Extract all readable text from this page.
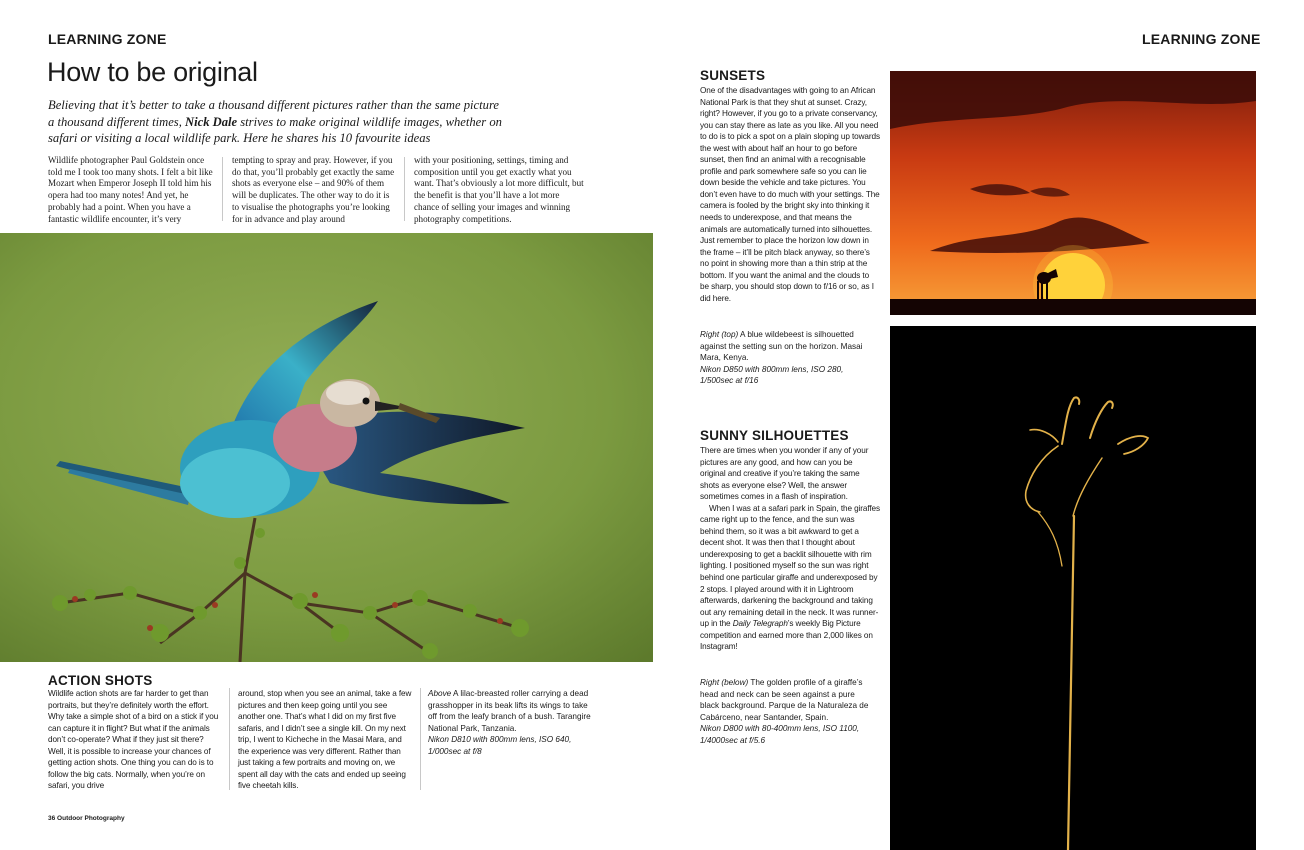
LEARNING ZONE	LEARNING ZONE
How to be original
Believing that it’s better to take a thousand different pictures rather than the same picture a thousand different times, Nick Dale strives to make original wildlife images, whether on safari or visiting a local wildlife park. Here he shares his 10 favourite ideas
Wildlife photographer Paul Goldstein once told me I took too many shots. I felt a bit like Mozart when Emperor Joseph II told him his opera had too many notes! And yet, he probably had a point. When you have a fantastic wildlife encounter, it’s very
tempting to spray and pray. However, if you do that, you’ll probably get exactly the same shots as everyone else – and 90% of them will be duplicates. The other way to do it is to visualise the photographs you’re looking for in advance and play around
with your positioning, settings, timing and composition until you get exactly what you want. That’s obviously a lot more difficult, but the benefit is that you’ll have a lot more chance of selling your images and winning photography competitions.
ACTION SHOTS
Wildlife action shots are far harder to get than portraits, but they’re definitely worth the effort. Why take a simple shot of a bird on a stick if you can capture it in flight? But what if the animals don’t co-operate? What if they just sit there? Well, it is possible to increase your chances of getting action shots. One thing you can do is to follow the big cats. Normally, when you’re on safari, you drive
around, stop when you see an animal, take a few pictures and then keep going until you see another one. That’s what I did on my first five safaris, and I didn’t see a single kill. On my next trip, I went to Kicheche in the Masai Mara, and the experience was very different. Rather than just taking a few portraits and moving on, we spent all day with the cats and ended up seeing five cheetah kills.
Above A lilac-breasted roller carrying a dead grasshopper in its beak lifts its wings to take off from the leafy branch of a bush. Tarangire National Park, Tanzania.
Nikon D810 with 800mm lens, ISO 640, 1/000sec at f/8
36 Outdoor Photography
SUNSETS
One of the disadvantages with going to an African National Park is that they shut at sunset. Crazy, right? However, if you go to a private conservancy, you can stay there as late as you like. All you need to do is to pick a spot on a plain sloping up towards the west with about half an hour to go before sunset, then find an animal with a recognisable profile and park somewhere safe so you can lie down beside the vehicle and take pictures. You don’t even have to do much with your settings. The camera is fooled by the bright sky into thinking it needs to underexpose, and that means the animals are automatically turned into silhouettes. Just remember to place the horizon low down in the frame – it’ll be pitch black anyway, so there’s no point in showing more than a thin strip at the bottom. If you want the animal and the clouds to be sharp, you should stop down to f/16 or so, as I did here.
Right (top) A blue wildebeest is silhouetted against the setting sun on the horizon. Masai Mara, Kenya.
Nikon D850 with 800mm lens, ISO 280, 1/500sec at f/16
SUNNY SILHOUETTES
There are times when you wonder if any of your pictures are any good, and how can you be original and creative if you’re taking the same shots as everyone else? Well, the answer sometimes comes in a flash of inspiration.
When I was at a safari park in Spain, the giraffes came right up to the fence, and the sun was behind them, so it was a bit awkward to get a decent shot. It was then that I thought about underexposing to get a backlit silhouette with rim lighting. I positioned myself so the sun was right behind one particular giraffe and underexposed by 2 stops. I played around with it in Lightroom afterwards, darkening the background and taking out any remaining detail in the neck. It was runner-up in the Daily Telegraph’s weekly Big Picture competition and earned more than 2,000 likes on Instagram!
Right (below) The golden profile of a giraffe’s head and neck can be seen against a pure black background. Parque de la Naturaleza de Cabárceno, near Santander, Spain.
Nikon D800 with 80-400mm lens, ISO 1100, 1/4000sec at f/5.6
